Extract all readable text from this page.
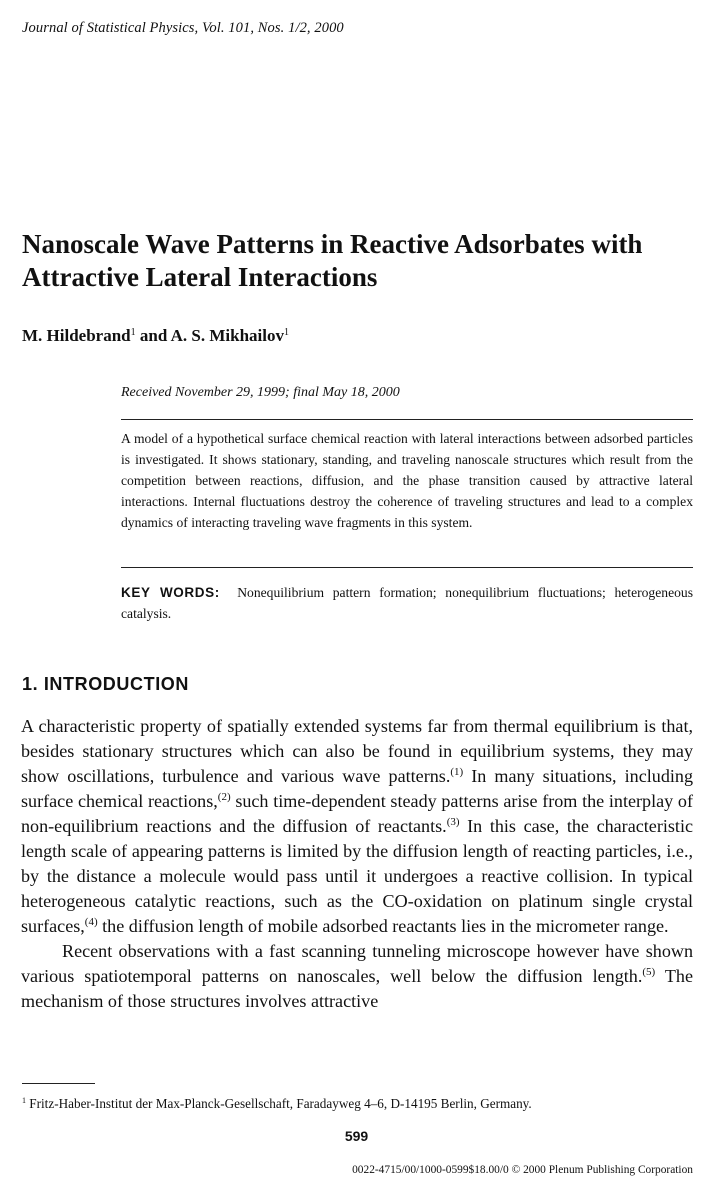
Journal of Statistical Physics, Vol. 101, Nos. 1/2, 2000
Nanoscale Wave Patterns in Reactive Adsorbates with Attractive Lateral Interactions
M. Hildebrand$^1$ and A. S. Mikhailov$^1$
Received November 29, 1999; final May 18, 2000

A model of a hypothetical surface chemical reaction with lateral interactions between adsorbed particles is investigated. It shows stationary, standing, and traveling nanoscale structures which result from the competition between reactions, diffusion, and the phase transition caused by attractive lateral interactions. Internal fluctuations destroy the coherence of traveling structures and lead to a complex dynamics of interacting traveling wave fragments in this system.

KEY WORDS: Nonequilibrium pattern formation; nonequilibrium fluctuations; heterogeneous catalysis.

1. INTRODUCTION

A characteristic property of spatially extended systems far from thermal equilibrium is that, besides stationary structures which can also be found in equilibrium systems, they may show oscillations, turbulence and various wave patterns.$^{(1)}$ In many situations, including surface chemical reactions,$^{(2)}$ such time-dependent steady patterns arise from the interplay of non-equilibrium reactions and the diffusion of reactants.$^{(3)}$ In this case, the characteristic length scale of appearing patterns is limited by the diffusion length of reacting particles, i.e., by the distance a molecule would pass until it undergoes a reactive collision. In typical heterogeneous catalytic reactions, such as the CO-oxidation on platinum single crystal surfaces,$^{(4)}$ the diffusion length of mobile adsorbed reactants lies in the micrometer range.

Recent observations with a fast scanning tunneling microscope however have shown various spatiotemporal patterns on nanoscales, well below the diffusion length.$^{(5)}$ The mechanism of those structures involves attractive

$^1$ Fritz-Haber-Institut der Max-Planck-Gesellschaft, Faradayweg 4–6, D-14195 Berlin, Germany.
599
0022-4715/00/1000-0599$18.00/0 © 2000 Plenum Publishing Corporation
